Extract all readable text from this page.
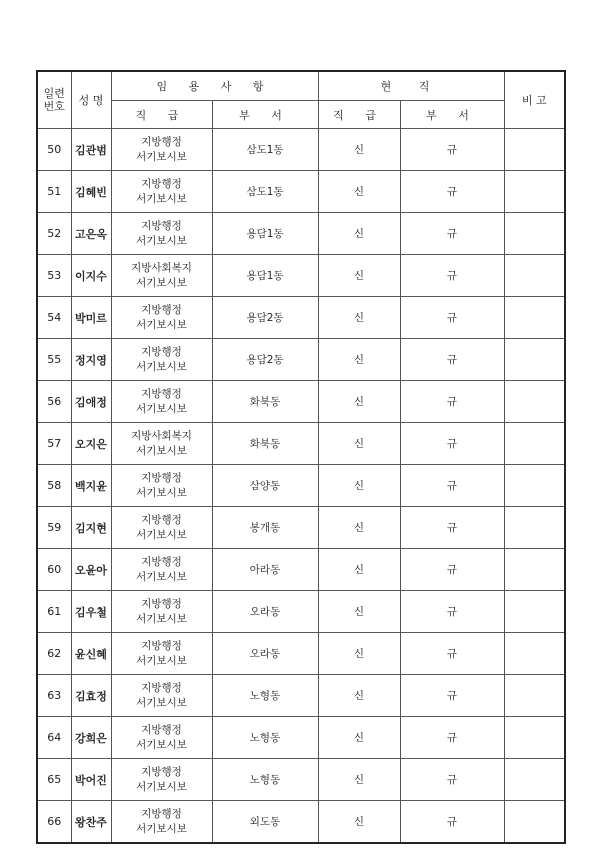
일련
번호	성 명	임 용 사 항		현 직		비 고
		직 급	부 서	직 급	부 서	
50	김관범	지방행정
서기보시보	삼도1동	신	규	
51	김혜빈	지방행정
서기보시보	삼도1동	신	규	
52	고은옥	지방행정
서기보시보	용담1동	신	규	
53	이지수	지방사회복지
서기보시보	용담1동	신	규	
54	박미르	지방행정
서기보시보	용담2동	신	규	
55	정지영	지방행정
서기보시보	용담2동	신	규	
56	김애정	지방행정
서기보시보	화북동	신	규	
57	오지은	지방사회복지
서기보시보	화북동	신	규	
58	백지윤	지방행정
서기보시보	삼양동	신	규	
59	김지현	지방행정
서기보시보	봉개동	신	규	
60	오윤아	지방행정
서기보시보	아라동	신	규	
61	김우철	지방행정
서기보시보	오라동	신	규	
62	윤신혜	지방행정
서기보시보	오라동	신	규	
63	김효정	지방행정
서기보시보	노형동	신	규	
64	강희은	지방행정
서기보시보	노형동	신	규	
65	박어진	지방행정
서기보시보	노형동	신	규	
66	왕찬주	지방행정
서기보시보	외도동	신	규	
